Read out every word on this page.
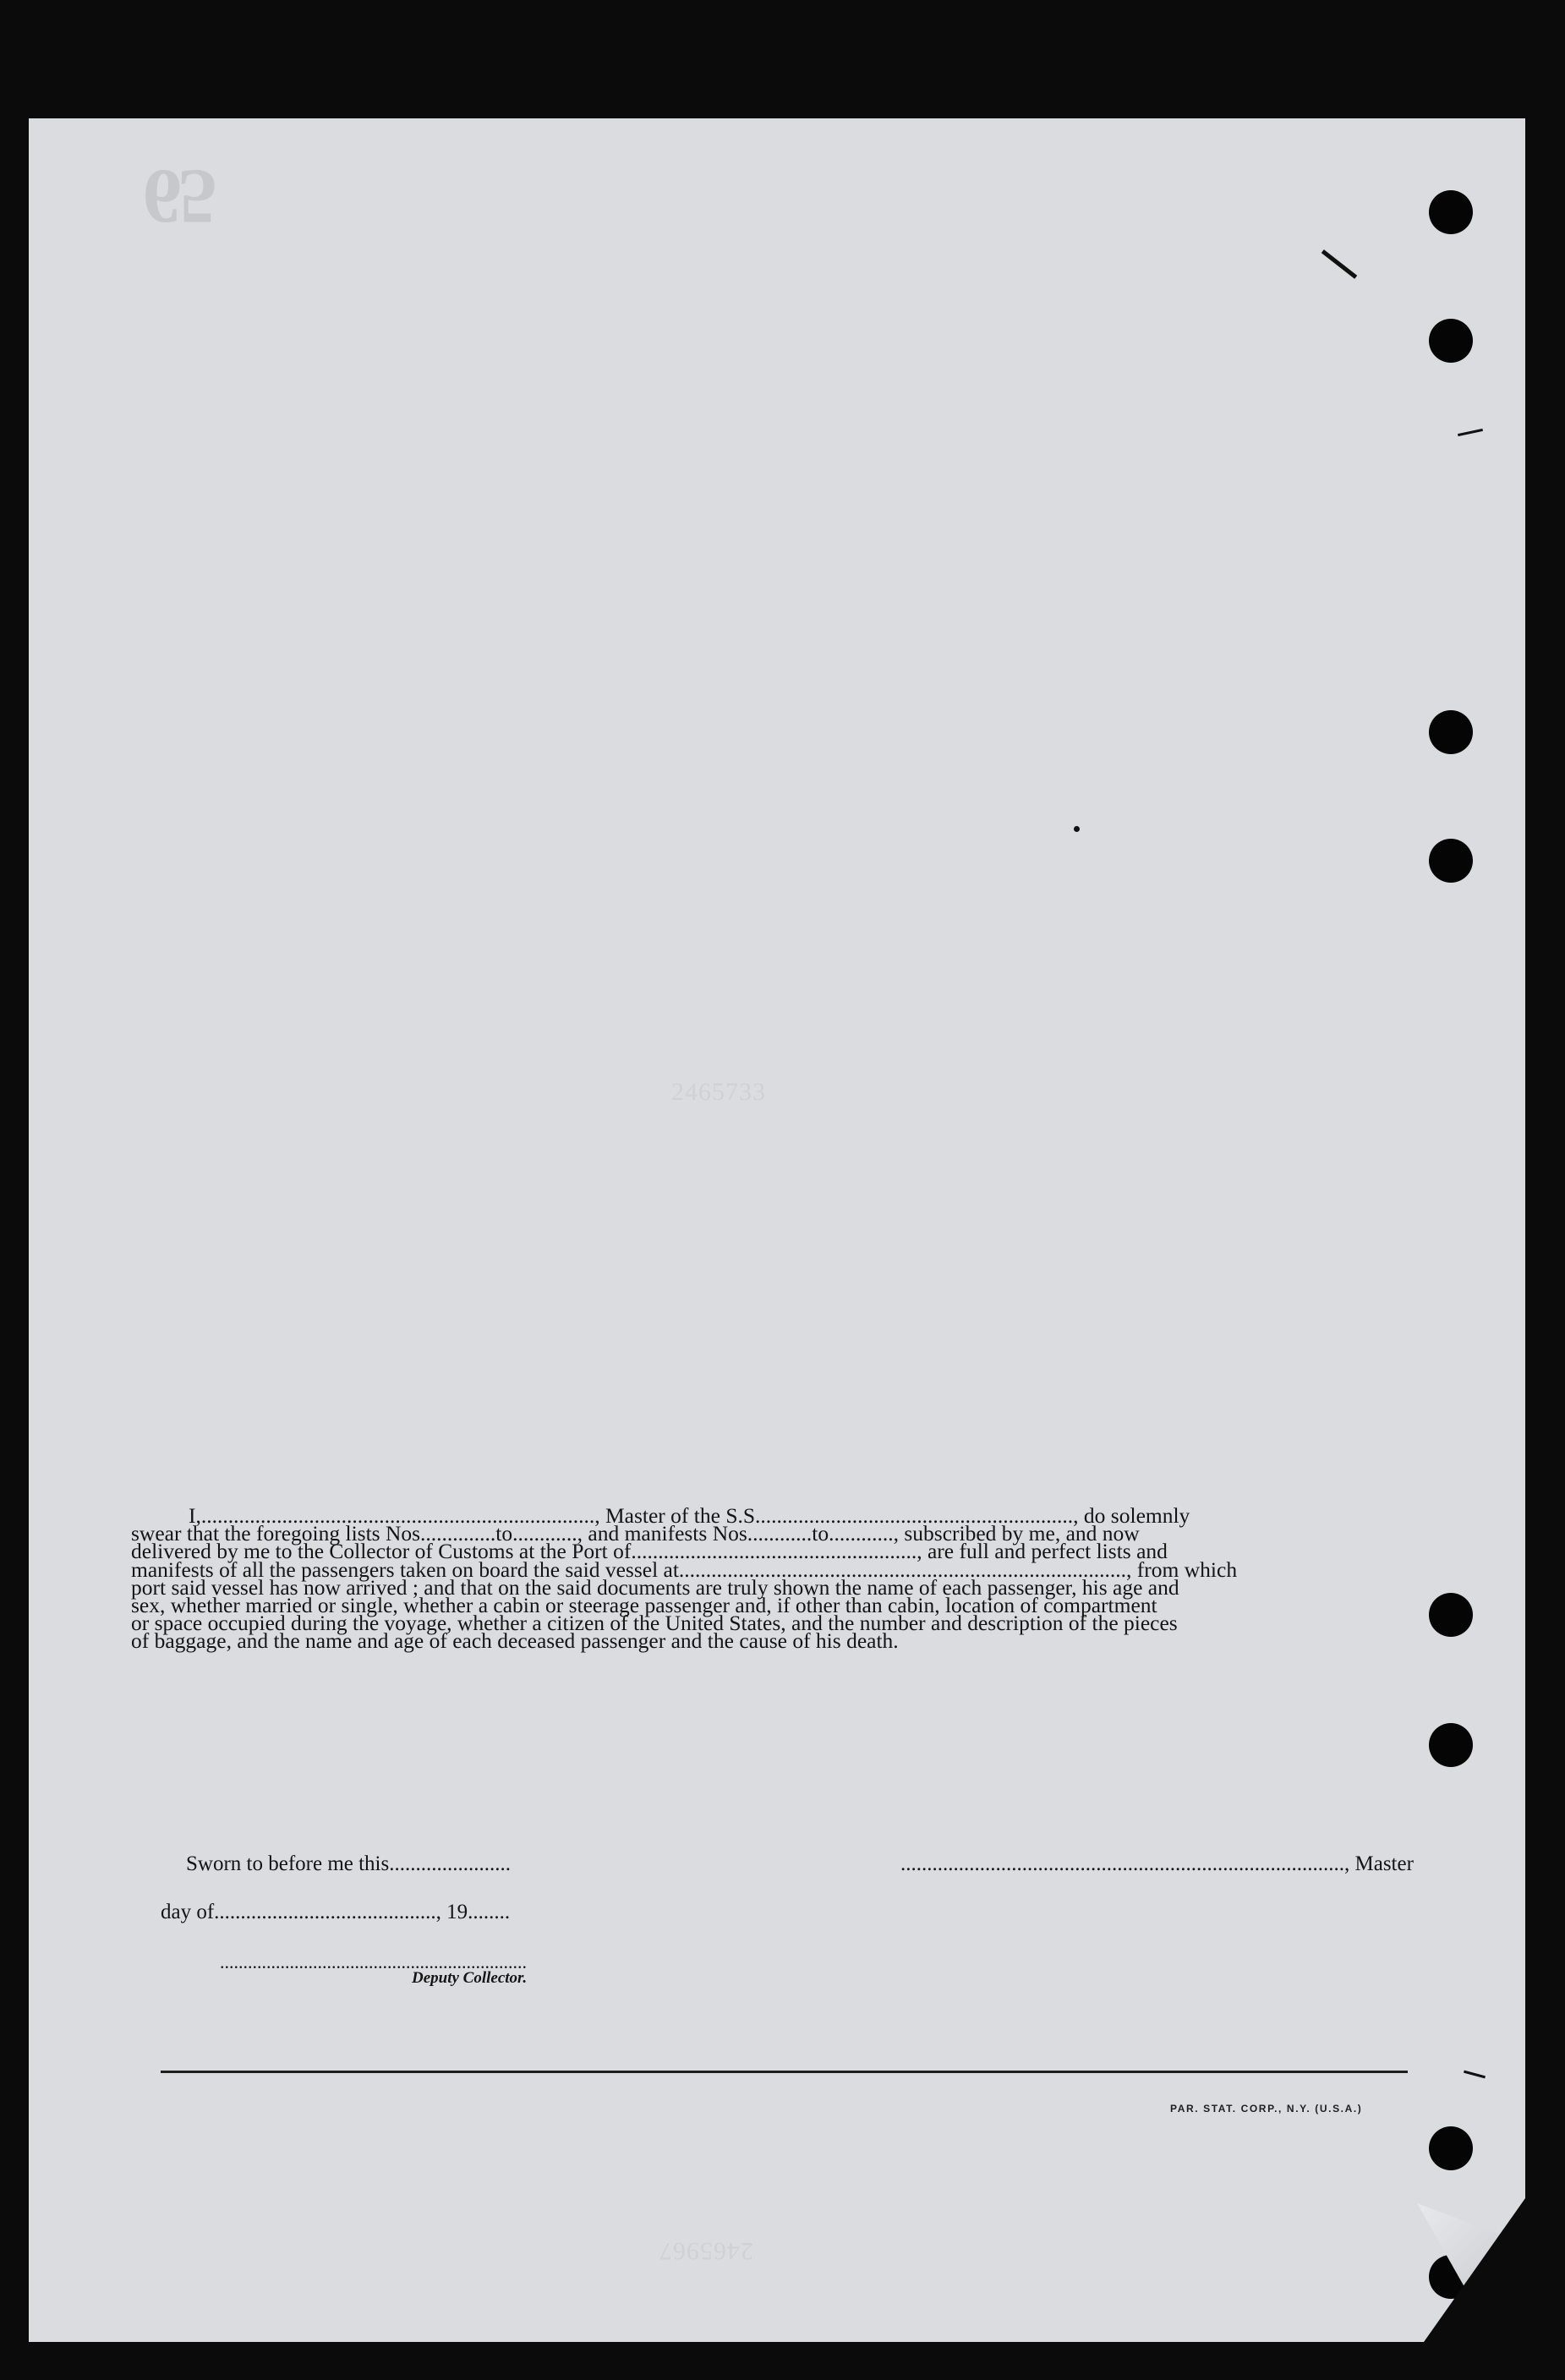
65
2465733
2465967

I,........................................................................., Master of the S.S..........................................................., do solemnly

swear that the foregoing lists Nos..............to............, and manifests Nos............to............, subscribed by me, and now

delivered by me to the Collector of Customs at the Port of....................................................., are full and perfect lists and

manifests of all the passengers taken on board the said vessel at..................................................................................., from which

port said vessel has now arrived ; and that on the said documents are truly shown the name of each passenger, his age and

sex, whether married or single, whether a cabin or steerage passenger and, if other than cabin, location of compartment

or space occupied during the voyage, whether a citizen of the United States, and the number and description of the pieces

of baggage, and the name and age of each deceased passenger and the cause of his death.

Sworn to before me this.......................	...................................................................................., Master
day of.........................................., 19........
..................................................................
Deputy Collector.
PAR. STAT. CORP., N.Y. (U.S.A.)
